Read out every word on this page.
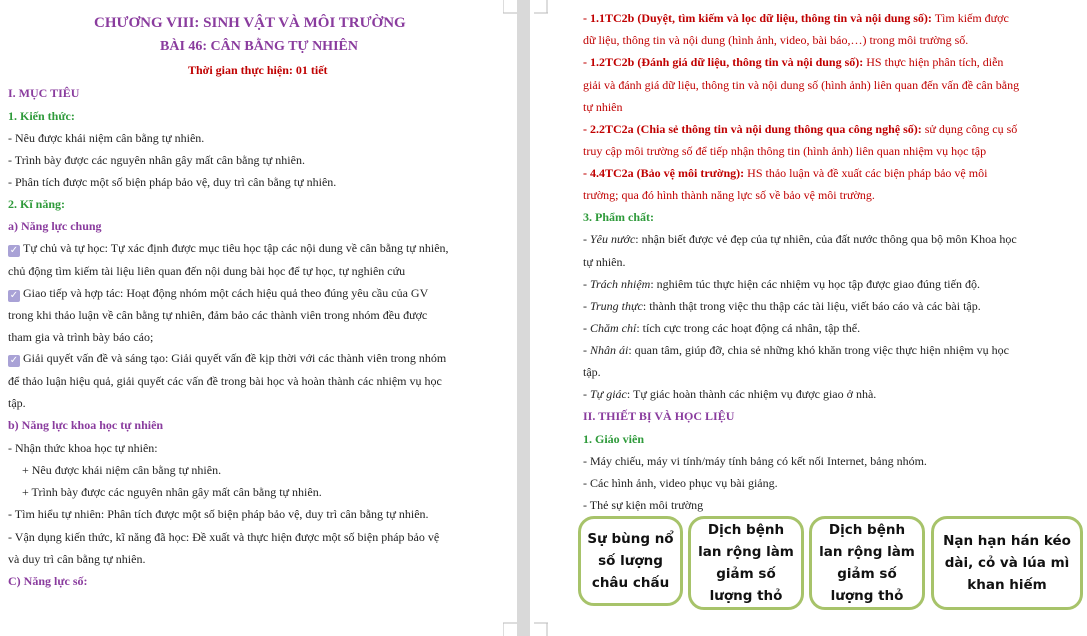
CHƯƠNG VIII: SINH VẬT VÀ MÔI TRƯỜNG
BÀI 46: CÂN BẰNG TỰ NHIÊN
Thời gian thực hiện: 01 tiết
I. MỤC TIÊU
1. Kiến thức:
- Nêu được khái niệm cân bằng tự nhiên.
- Trình bày được các nguyên nhân gây mất cân bằng tự nhiên.
- Phân tích được một số biện pháp bảo vệ, duy trì cân bằng tự nhiên.
2. Kĩ năng:
a) Năng lực chung
✓ Tự chủ và tự học: Tự xác định được mục tiêu học tập các nội dung về cân bằng tự nhiên,
chủ động tìm kiếm tài liệu liên quan đến nội dung bài học để tự học, tự nghiên cứu
✓ Giao tiếp và hợp tác: Hoạt động nhóm một cách hiệu quả theo đúng yêu cầu của GV
trong khi thảo luận về cân bằng tự nhiên, đảm bảo các thành viên trong nhóm đều được
tham gia và trình bày báo cáo;
✓ Giải quyết vấn đề và sáng tạo: Giải quyết vấn đề kịp thời với các thành viên trong nhóm
để thảo luận hiệu quả, giải quyết các vấn đề trong bài học và hoàn thành các nhiệm vụ học
tập.
b) Năng lực khoa học tự nhiên
- Nhận thức khoa học tự nhiên:
+ Nêu được khái niệm cân bằng tự nhiên.
+ Trình bày được các nguyên nhân gây mất cân bằng tự nhiên.
- Tìm hiểu tự nhiên: Phân tích được một số biện pháp bảo vệ, duy trì cân bằng tự nhiên.
- Vận dụng kiến thức, kĩ năng đã học: Đề xuất và thực hiện được một số biện pháp bảo vệ
và duy trì cân bằng tự nhiên.
C) Năng lực số:
- 1.1TC2b (Duyệt, tìm kiếm và lọc dữ liệu, thông tin và nội dung số): Tìm kiếm được
dữ liệu, thông tin và nội dung (hình ảnh, video, bài báo,…) trong môi trường số.
- 1.2TC2b (Đánh giá dữ liệu, thông tin và nội dung số): HS thực hiện phân tích, diễn
giải và đánh giá dữ liệu, thông tin và nội dung số (hình ảnh) liên quan đến vấn đề cân bằng
tự nhiên
- 2.2TC2a (Chia sẻ thông tin và nội dung thông qua công nghệ số): sử dụng công cụ số
truy cập môi trường số để tiếp nhận thông tin (hình ảnh) liên quan nhiệm vụ học tập
- 4.4TC2a (Bảo vệ môi trường): HS thảo luận và đề xuất các biện pháp bảo vệ môi
trường; qua đó hình thành năng lực số về bảo vệ môi trường.
3. Phẩm chất:
- Yêu nước: nhận biết được vẻ đẹp của tự nhiên, của đất nước thông qua bộ môn Khoa học
tự nhiên.
- Trách nhiệm: nghiêm túc thực hiện các nhiệm vụ học tập được giao đúng tiến độ.
- Trung thực: thành thật trong việc thu thập các tài liệu, viết báo cáo và các bài tập.
- Chăm chỉ: tích cực trong các hoạt động cá nhân, tập thể.
- Nhân ái: quan tâm, giúp đỡ, chia sẻ những khó khăn trong việc thực hiện nhiệm vụ học
tập.
- Tự giác: Tự giác hoàn thành các nhiệm vụ được giao ở nhà.
II. THIẾT BỊ VÀ HỌC LIỆU
1. Giáo viên
- Máy chiếu, máy vi tính/máy tính bảng có kết nối Internet, bảng nhóm.
- Các hình ảnh, video phục vụ bài giảng.
- Thẻ sự kiện môi trường
Sự bùng nổ số lượng châu chấu
Dịch bệnh lan rộng làm giảm số lượng thỏ
Dịch bệnh lan rộng làm giảm số lượng thỏ
Nạn hạn hán kéo dài, cỏ và lúa mì khan hiếm
